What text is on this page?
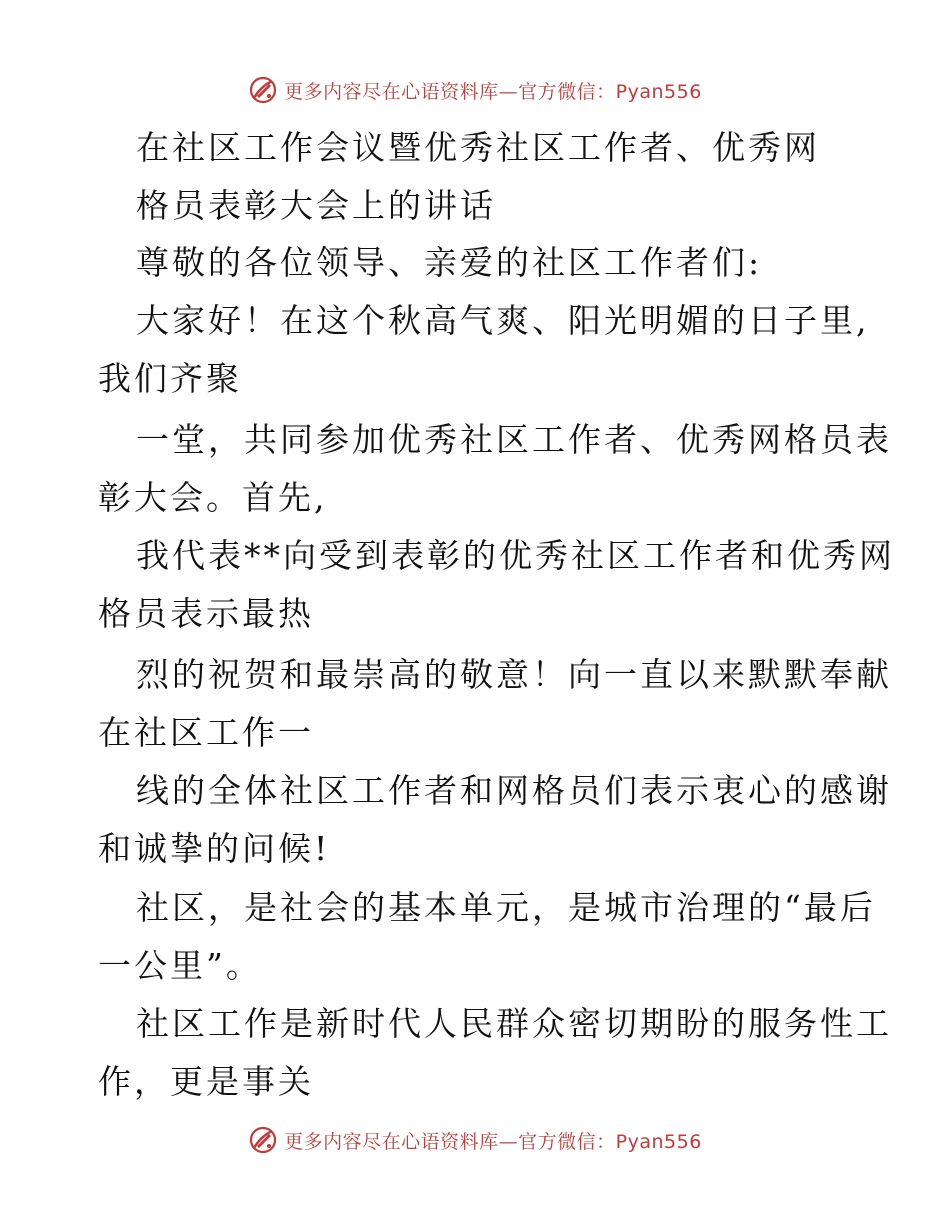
更多内容尽在心语资料库—官方微信：Pyan556
在社区工作会议暨优秀社区工作者、优秀网
格员表彰大会上的讲话
尊敬的各位领导、亲爱的社区工作者们:
大家好！在这个秋高气爽、阳光明媚的日子里,
我们齐聚
一堂，共同参加优秀社区工作者、优秀网格员表
彰大会。首先,
我代表**向受到表彰的优秀社区工作者和优秀网
格员表示最热
烈的祝贺和最崇高的敬意！向一直以来默默奉献
在社区工作一
线的全体社区工作者和网格员们表示衷心的感谢
和诚挚的问候!
社区，是社会的基本单元，是城市治理的“最后
一公里”。
社区工作是新时代人民群众密切期盼的服务性工
作，更是事关
更多内容尽在心语资料库—官方微信：Pyan556
